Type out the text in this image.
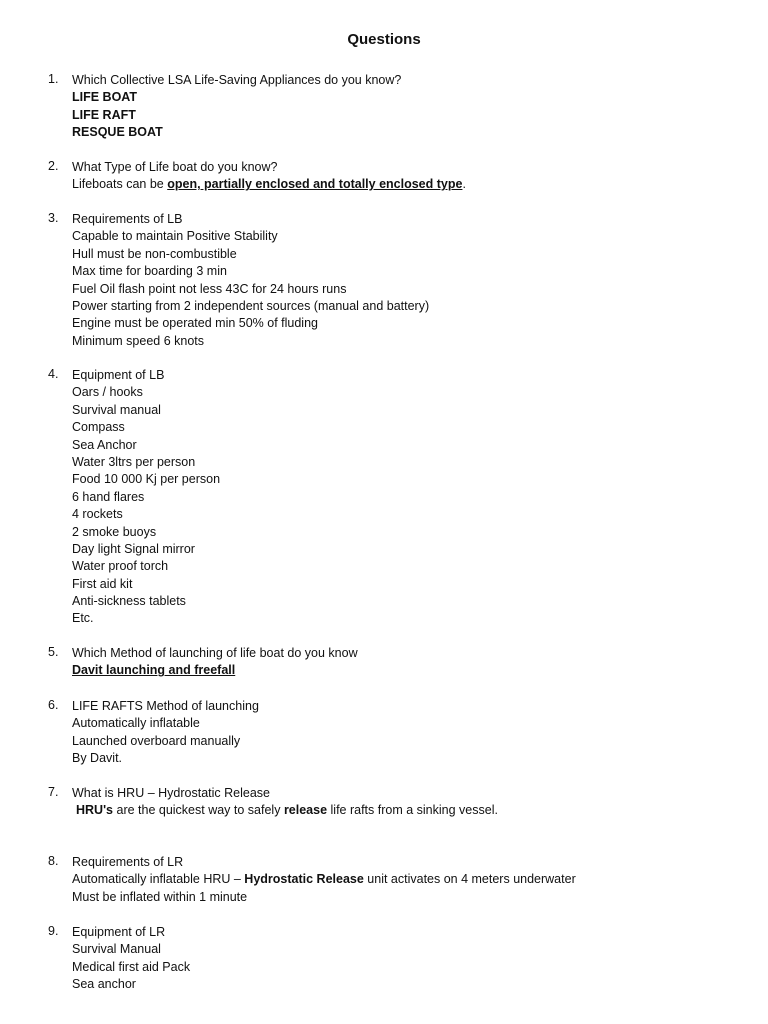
Questions
1.	Which Collective LSA Life-Saving Appliances do you know?
LIFE BOAT
LIFE RAFT
RESQUE BOAT
2.	What Type of Life boat do you know?
Lifeboats can be open, partially enclosed and totally enclosed type.
3.	Requirements of LB
Capable to maintain Positive Stability
Hull must be non-combustible
Max time for boarding 3 min
Fuel Oil flash point not less 43C for 24 hours runs
Power starting from 2 independent sources (manual and battery)
Engine must be operated min 50% of fluding
Minimum speed 6 knots
4.	Equipment of LB
Oars / hooks
Survival manual
Compass
Sea Anchor
Water 3ltrs per person
Food 10 000 Kj per person
6 hand flares
4 rockets
2 smoke buoys
Day light Signal mirror
Water proof torch
First aid kit
Anti-sickness tablets
Etc.
5.	Which Method of launching of life boat do you know
Davit launching and freefall
6.	LIFE RAFTS Method of launching
Automatically inflatable
Launched overboard manually
By Davit.
7.	What is HRU – Hydrostatic Release
HRU's are the quickest way to safely release life rafts from a sinking vessel.
8.	Requirements of LR
Automatically inflatable HRU – Hydrostatic Release unit activates on 4 meters underwater
Must be inflated within 1 minute
9.	Equipment of LR
Survival Manual
Medical first aid Pack
Sea anchor
